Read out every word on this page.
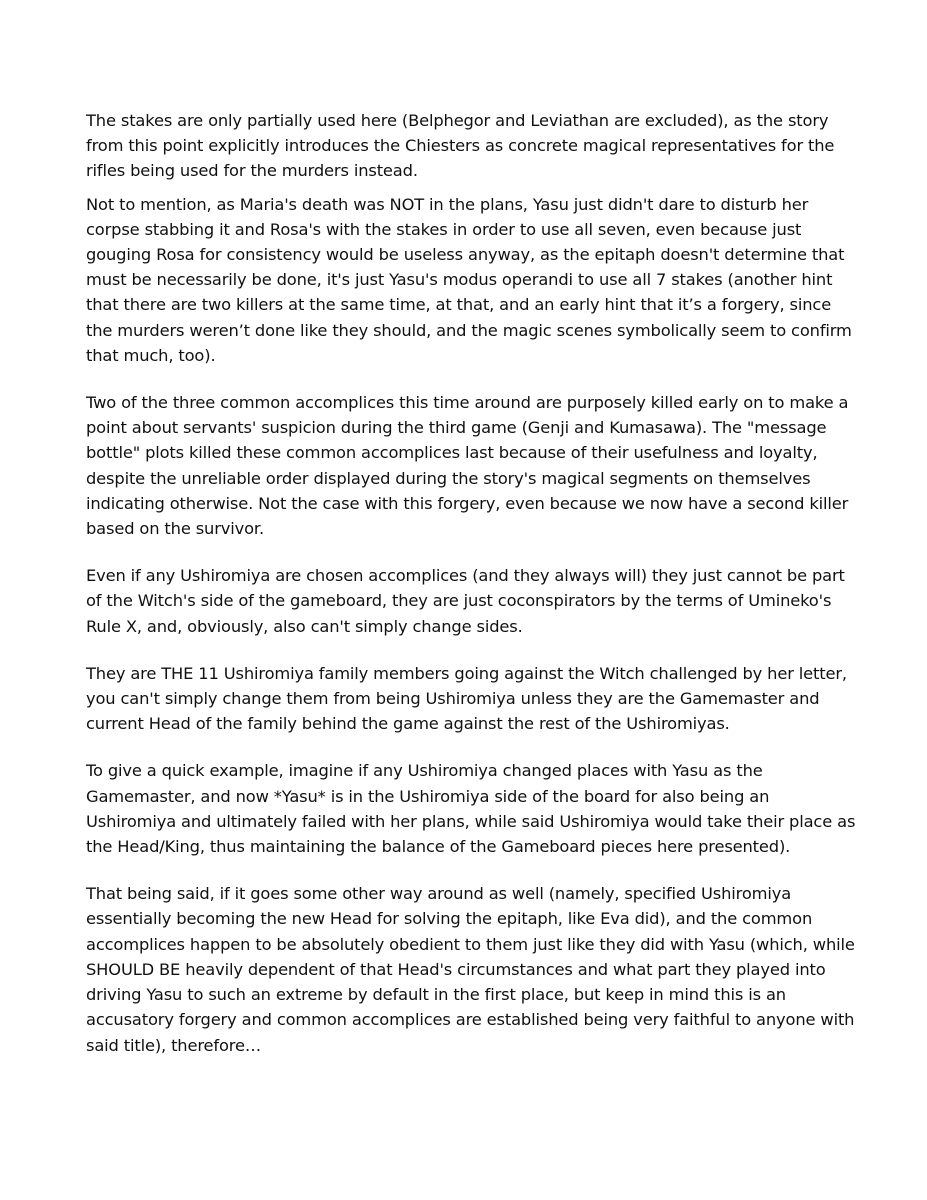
The stakes are only partially used here (Belphegor and Leviathan are excluded), as the story from this point explicitly introduces the Chiesters as concrete magical representatives for the rifles being used for the murders instead.

Not to mention, as Maria's death was NOT in the plans, Yasu just didn't dare to disturb her corpse stabbing it and Rosa's with the stakes in order to use all seven, even because just gouging Rosa for consistency would be useless anyway, as the epitaph doesn't determine that must be necessarily be done, it's just Yasu's modus operandi to use all 7 stakes (another hint that there are two killers at the same time, at that, and an early hint that it’s a forgery, since the murders weren’t done like they should, and the magic scenes symbolically seem to confirm that much, too).

Two of the three common accomplices this time around are purposely killed early on to make a point about servants' suspicion during the third game (Genji and Kumasawa). The "message bottle" plots killed these common accomplices last because of their usefulness and loyalty, despite the unreliable order displayed during the story's magical segments on themselves indicating otherwise. Not the case with this forgery, even because we now have a second killer based on the survivor.

Even if any Ushiromiya are chosen accomplices (and they always will) they just cannot be part of the Witch's side of the gameboard, they are just coconspirators by the terms of Umineko's Rule X, and, obviously, also can't simply change sides.

They are THE 11 Ushiromiya family members going against the Witch challenged by her letter, you can't simply change them from being Ushiromiya unless they are the Gamemaster and current Head of the family behind the game against the rest of the Ushiromiyas.

To give a quick example, imagine if any Ushiromiya changed places with Yasu as the Gamemaster, and now *Yasu* is in the Ushiromiya side of the board for also being an Ushiromiya and ultimately failed with her plans, while said Ushiromiya would take their place as the Head/King, thus maintaining the balance of the Gameboard pieces here presented).

That being said, if it goes some other way around as well (namely, specified Ushiromiya essentially becoming the new Head for solving the epitaph, like Eva did), and the common accomplices happen to be absolutely obedient to them just like they did with Yasu (which, while SHOULD BE heavily dependent of that Head's circumstances and what part they played into driving Yasu to such an extreme by default in the first place, but keep in mind this is an accusatory forgery and common accomplices are established being very faithful to anyone with said title), therefore…
